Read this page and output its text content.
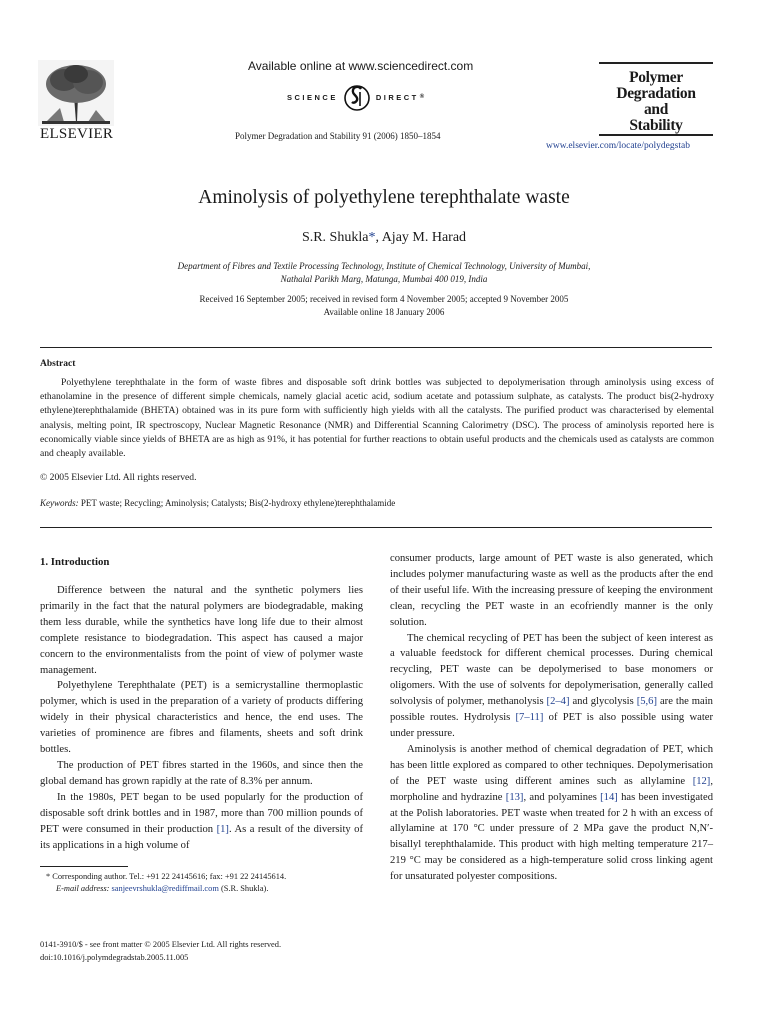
ELSEVIER
Available online at www.sciencedirect.com
SCIENCE	DIRECT ®
Polymer Degradation and Stability 91 (2006) 1850–1854
Polymer
Degradation
and
Stability
www.elsevier.com/locate/polydegstab
Aminolysis of polyethylene terephthalate waste
S.R. Shukla*, Ajay M. Harad
Department of Fibres and Textile Processing Technology, Institute of Chemical Technology, University of Mumbai,
Nathalal Parikh Marg, Matunga, Mumbai 400 019, India
Received 16 September 2005; received in revised form 4 November 2005; accepted 9 November 2005
Available online 18 January 2006
Abstract

Polyethylene terephthalate in the form of waste fibres and disposable soft drink bottles was subjected to depolymerisation through aminolysis using excess of ethanolamine in the presence of different simple chemicals, namely glacial acetic acid, sodium acetate and potassium sulphate, as catalysts. The product bis(2-hydroxy ethylene)terephthalamide (BHETA) obtained was in its pure form with sufficiently high yields with all the catalysts. The purified product was characterised by elemental analysis, melting point, IR spectroscopy, Nuclear Magnetic Resonance (NMR) and Differential Scanning Calorimetry (DSC). The process of aminolysis reported here is economically viable since yields of BHETA are as high as 91%, it has potential for further reactions to obtain useful products and the chemicals used as catalysts are common and cheaply available.

© 2005 Elsevier Ltd. All rights reserved.
Keywords: PET waste; Recycling; Aminolysis; Catalysts; Bis(2-hydroxy ethylene)terephthalamide
1. Introduction

Difference between the natural and the synthetic polymers lies primarily in the fact that the natural polymers are biodegradable, making them less durable, while the synthetics have long life due to their almost complete resistance to biodegradation. This aspect has caused a major concern to the environmentalists from the point of view of polymer waste management.

Polyethylene Terephthalate (PET) is a semicrystalline thermoplastic polymer, which is used in the preparation of a variety of products differing widely in their physical characteristics and hence, the end uses. The varieties of prominence are fibres and filaments, sheets and soft drink bottles.

The production of PET fibres started in the 1960s, and since then the global demand has grown rapidly at the rate of 8.3% per annum.

In the 1980s, PET began to be used popularly for the production of disposable soft drink bottles and in 1987, more than 700 million pounds of PET were consumed in their production [1]. As a result of the diversity of its applications in a high volume of

consumer products, large amount of PET waste is also generated, which includes polymer manufacturing waste as well as the products after the end of their useful life. With the increasing pressure of keeping the environment clean, recycling the PET waste in an ecofriendly manner is the only solution.

The chemical recycling of PET has been the subject of keen interest as a valuable feedstock for different chemical processes. During chemical recycling, PET waste can be depolymerised to base monomers or oligomers. With the use of solvents for depolymerisation, generally called solvolysis of polymer, methanolysis [2–4] and glycolysis [5,6] are the main possible routes. Hydrolysis [7–11] of PET is also possible using water under pressure.

Aminolysis is another method of chemical degradation of PET, which has been little explored as compared to other techniques. Depolymerisation of the PET waste using different amines such as allylamine [12], morpholine and hydrazine [13], and polyamines [14] has been investigated at the Polish laboratories. PET waste when treated for 2 h with an excess of allylamine at 170 °C under pressure of 2 MPa gave the product N,N′-bisallyl terephthalamide. This product with high melting temperature 217–219 °C may be considered as a high-temperature solid cross linking agent for unsaturated polyester compositions.

* Corresponding author. Tel.: +91 22 24145616; fax: +91 22 24145614.
E-mail address: sanjeevrshukla@rediffmail.com (S.R. Shukla).
0141-3910/$ - see front matter © 2005 Elsevier Ltd. All rights reserved.
doi:10.1016/j.polymdegradstab.2005.11.005
